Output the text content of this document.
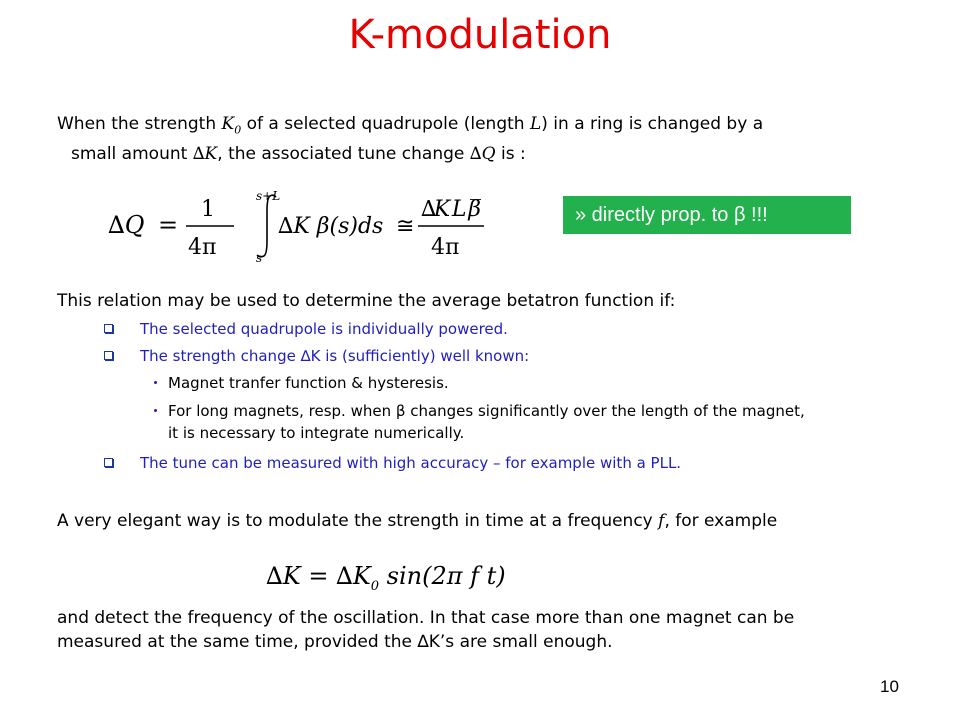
K-modulation
When the strength $K_0$ of a selected quadrupole (length L) in a ring is changed by a
small amount ∆K, the associated tune change ∆Q is :
∆Q =
1
4π
s+L
s
∆K β(s)ds ≅
∆K L β̅
4π
» directly prop. to β !!!
This relation may be used to determine the average betatron function if:
The selected quadrupole is individually powered.
The strength change ∆K is (sufficiently) well known:
Magnet tranfer function & hysteresis.
For long magnets, resp. when β changes significantly over the length of the magnet,
it is necessary to integrate numerically.
The tune can be measured with high accuracy – for example with a PLL.
A very elegant way is to modulate the strength in time at a frequency f, for example
$\Delta K = \Delta K_0$ sin(2π f t)
and detect the frequency of the oscillation. In that case more than one magnet can be
measured at the same time, provided the ∆K’s are small enough.
10
